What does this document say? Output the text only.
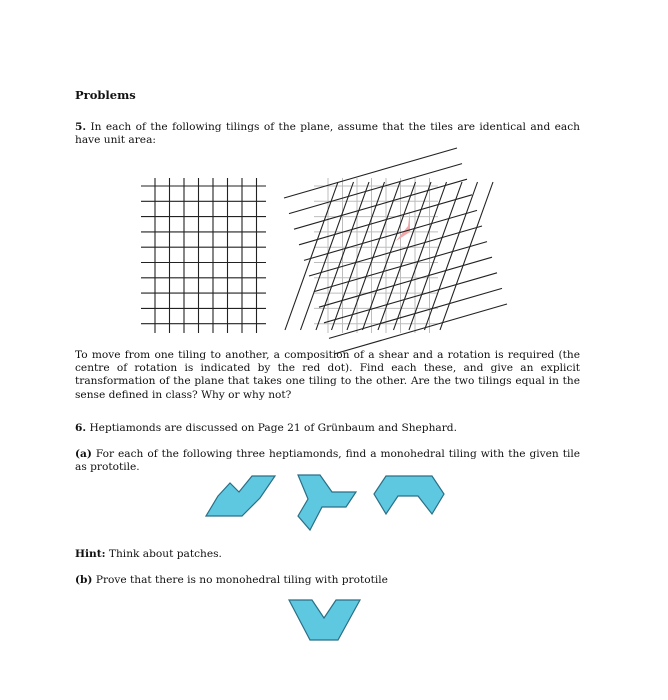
Problems
5. In each of the following tilings of the plane, assume that the tiles are identical and each have unit area:
To move from one tiling to another, a composition of a shear and a rotation is required (the centre of rotation is indicated by the red dot). Find each these, and give an explicit transformation of the plane that takes one tiling to the other. Are the two tilings equal in the sense defined in class? Why or why not?
6. Heptiamonds are discussed on Page 21 of Grünbaum and Shephard.
(a) For each of the following three heptiamonds, find a monohedral tiling with the given tile as prototile.
Hint: Think about patches.
(b) Prove that there is no monohedral tiling with prototile
